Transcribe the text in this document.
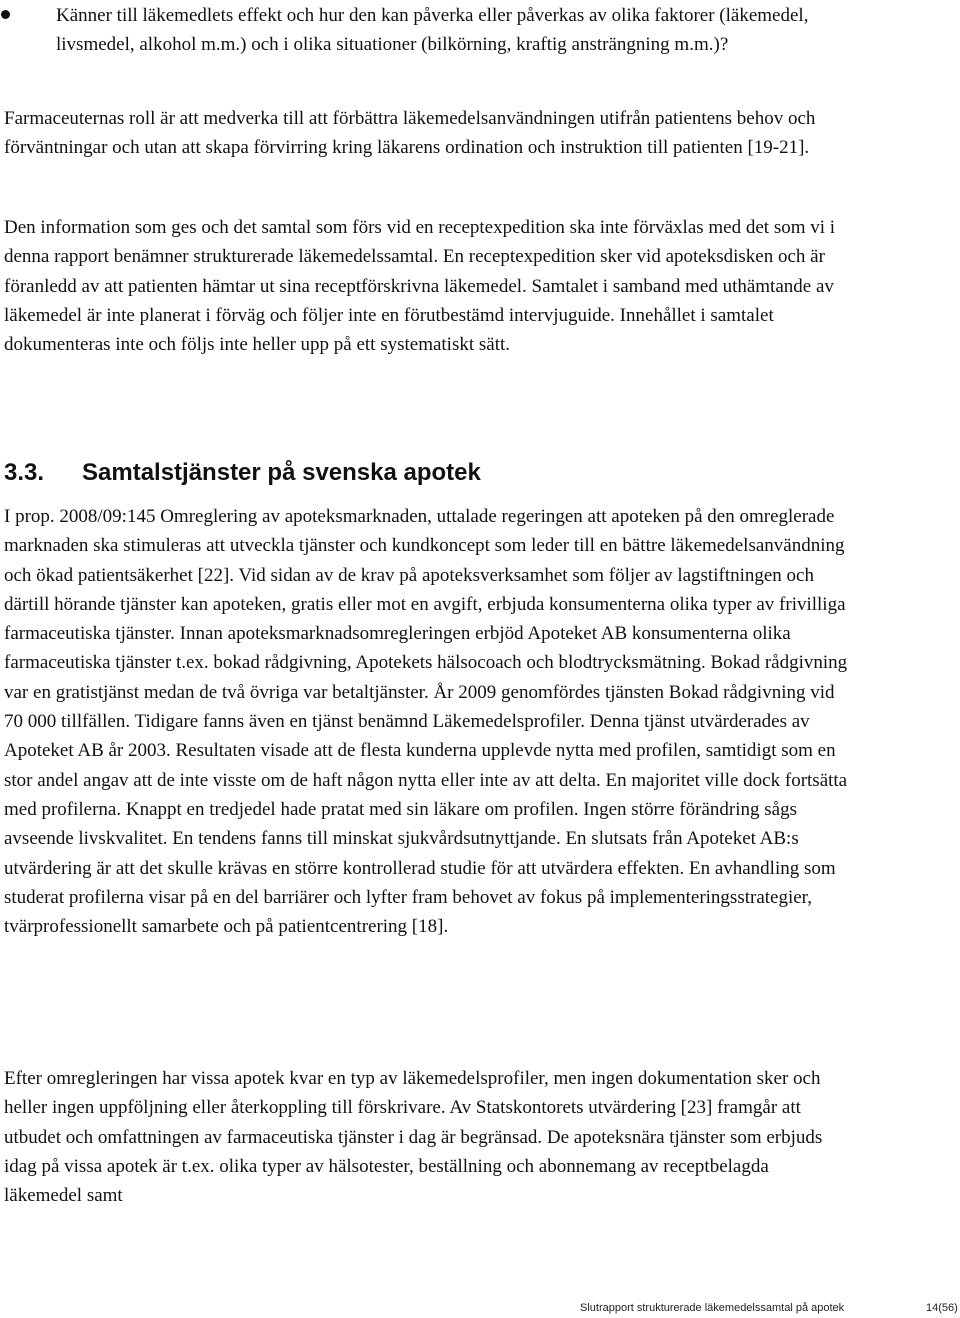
Känner till läkemedlets effekt och hur den kan påverka eller påverkas av olika faktorer (läkemedel, livsmedel, alkohol m.m.) och i olika situationer (bilkörning, kraftig ansträngning m.m.)?

Farmaceuternas roll är att medverka till att förbättra läkemedelsanvändningen utifrån patientens behov och förväntningar och utan att skapa förvirring kring läkarens ordination och instruktion till patienten [19-21].

Den information som ges och det samtal som förs vid en receptexpedition ska inte förväxlas med det som vi i denna rapport benämner strukturerade läkemedelssamtal. En receptexpedition sker vid apoteksdisken och är föranledd av att patienten hämtar ut sina receptförskrivna läkemedel. Samtalet i samband med uthämtande av läkemedel är inte planerat i förväg och följer inte en förutbestämd intervjuguide. Innehållet i samtalet dokumenteras inte och följs inte heller upp på ett systematiskt sätt.

3.3. Samtalstjänster på svenska apotek

I prop. 2008/09:145 Omreglering av apoteksmarknaden, uttalade regeringen att apoteken på den omreglerade marknaden ska stimuleras att utveckla tjänster och kundkoncept som leder till en bättre läkemedelsanvändning och ökad patientsäkerhet [22]. Vid sidan av de krav på apoteksverksamhet som följer av lagstiftningen och därtill hörande tjänster kan apoteken, gratis eller mot en avgift, erbjuda konsumenterna olika typer av frivilliga farmaceutiska tjänster. Innan apoteksmarknadsomregleringen erbjöd Apoteket AB konsumenterna olika farmaceutiska tjänster t.ex. bokad rådgivning, Apotekets hälsocoach och blodtrycksmätning. Bokad rådgivning var en gratistjänst medan de två övriga var betaltjänster. År 2009 genomfördes tjänsten Bokad rådgivning vid 70 000 tillfällen. Tidigare fanns även en tjänst benämnd Läkemedelsprofiler. Denna tjänst utvärderades av Apoteket AB år 2003. Resultaten visade att de flesta kunderna upplevde nytta med profilen, samtidigt som en stor andel angav att de inte visste om de haft någon nytta eller inte av att delta. En majoritet ville dock fortsätta med profilerna. Knappt en tredjedel hade pratat med sin läkare om profilen. Ingen större förändring sågs avseende livskvalitet. En tendens fanns till minskat sjukvårdsutnyttjande. En slutsats från Apoteket AB:s utvärdering är att det skulle krävas en större kontrollerad studie för att utvärdera effekten. En avhandling som studerat profilerna visar på en del barriärer och lyfter fram behovet av fokus på implementeringsstrategier, tvärprofessionellt samarbete och på patientcentrering [18].

Efter omregleringen har vissa apotek kvar en typ av läkemedelsprofiler, men ingen dokumentation sker och heller ingen uppföljning eller återkoppling till förskrivare. Av Statskontorets utvärdering [23] framgår att utbudet och omfattningen av farmaceutiska tjänster i dag är begränsad. De apoteksnära tjänster som erbjuds idag på vissa apotek är t.ex. olika typer av hälsotester, beställning och abonnemang av receptbelagda läkemedel samt

Slutrapport strukturerade läkemedelssamtal på apotek	14(56)
